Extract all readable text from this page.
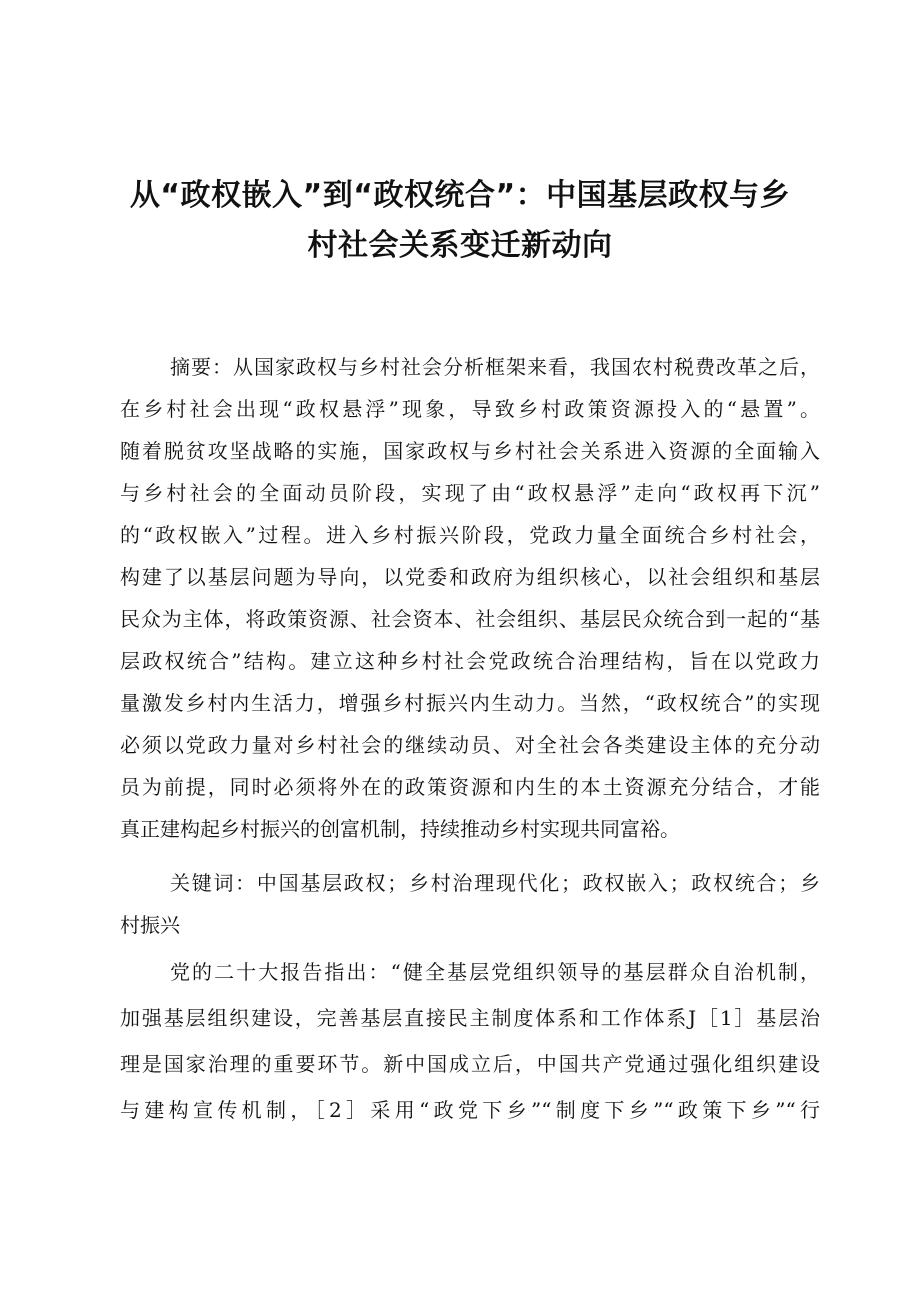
从“政权嵌入”到“政权统合”：中国基层政权与乡
村社会关系变迁新动向
摘要：从国家政权与乡村社会分析框架来看，我国农村税费改革之后，
在乡村社会出现“政权悬浮”现象，导致乡村政策资源投入的“悬置”。
随着脱贫攻坚战略的实施，国家政权与乡村社会关系进入资源的全面输入
与乡村社会的全面动员阶段，实现了由“政权悬浮”走向“政权再下沉”
的“政权嵌入”过程。进入乡村振兴阶段，党政力量全面统合乡村社会，
构建了以基层问题为导向，以党委和政府为组织核心，以社会组织和基层
民众为主体，将政策资源、社会资本、社会组织、基层民众统合到一起的“基
层政权统合”结构。建立这种乡村社会党政统合治理结构，旨在以党政力
量激发乡村内生活力，增强乡村振兴内生动力。当然，“政权统合”的实现
必须以党政力量对乡村社会的继续动员、对全社会各类建设主体的充分动
员为前提，同时必须将外在的政策资源和内生的本土资源充分结合，才能
真正建构起乡村振兴的创富机制，持续推动乡村实现共同富裕。
关键词：中国基层政权；乡村治理现代化；政权嵌入；政权统合；乡
村振兴
党的二十大报告指出：“健全基层党组织领导的基层群众自治机制，
加强基层组织建设，完善基层直接民主制度体系和工作体系J［1］基层治
理是国家治理的重要环节。新中国成立后，中国共产党通过强化组织建设
与建构宣传机制，［2］采用“政党下乡”“制度下乡”“政策下乡”“行
